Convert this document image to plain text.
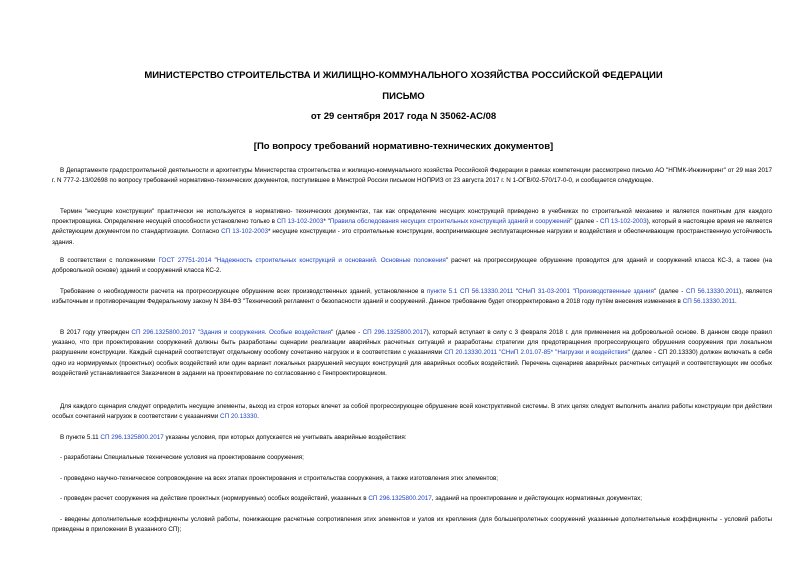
МИНИСТЕРСТВО СТРОИТЕЛЬСТВА И ЖИЛИЩНО-КОММУНАЛЬНОГО ХОЗЯЙСТВА РОССИЙСКОЙ ФЕДЕРАЦИИ
ПИСЬМО
от 29 сентября 2017 года N 35062-АС/08
[По вопросу требований нормативно-технических документов]
В Департаменте градостроительной деятельности и архитектуры Министерства строительства и жилищно-коммунального хозяйства Российской Федерации в рамках компетенции рассмотрено письмо АО "НПМК-Инжиниринг" от 29 мая 2017 г. N 777-2-13/02698 по вопросу требований нормативно-технических документов, поступившее в Минстрой России письмом НОПРИЗ от 23 августа 2017 г. N 1-ОГВ/02-570/17-0-0, и сообщается следующее.
Термин "несущие конструкции" практически не используется в нормативно- технических документах, так как определение несущих конструкций приведено в учебниках по строительной механике и является понятным для каждого проектировщика. Определение несущей способности установлено только в СП 13-102-2003* "Правила обследования несущих строительных конструкций зданий и сооружений" (далее - СП 13-102-2003), который в настоящее время не является действующим документом по стандартизации. Согласно СП 13-102-2003* несущие конструкции - это строительные конструкции, воспринимающие эксплуатационные нагрузки и воздействия и обеспечивающие пространственную устойчивость здания.
В соответствии с положениями ГОСТ 27751-2014 "Надежность строительных конструкций и оснований. Основные положения" расчет на прогрессирующее обрушение проводится для зданий и сооружений класса КС-3, а также (на добровольной основе) зданий и сооружений класса КС-2.
Требование о необходимости расчета на прогрессирующее обрушение всех производственных зданий, установленное в пункте 5.1 СП 56.13330.2011 "СНиП 31-03-2001 "Производственные здания" (далее - СП 56.13330.2011), является избыточным и противоречащим Федеральному закону N 384-ФЗ "Технический регламент о безопасности зданий и сооружений. Данное требование будет откорректировано в 2018 году путём внесения изменения в СП 56.13330.2011.
В 2017 году утвержден СП 296.1325800.2017 "Здания и сооружения. Особые воздействия" (далее - СП 296.1325800.2017), который вступает в силу с 3 февраля 2018 г. для применения на добровольной основе. В данном своде правил указано, что при проектировании сооружений должны быть разработаны сценарии реализации аварийных расчетных ситуаций и разработаны стратегии для предотвращения прогрессирующего обрушения сооружения при локальном разрушении конструкции. Каждый сценарий соответствует отдельному особому сочетанию нагрузок и в соответствии с указаниями СП 20.13330.2011 "СНиП 2.01.07-85* "Нагрузки и воздействия" (далее - СП 20.13330) должен включать в себя одно из нормируемых (проектных) особых воздействий или один вариант локальных разрушений несущих конструкций для аварийных особых воздействий. Перечень сценариев аварийных расчетных ситуаций и соответствующих им особых воздействий устанавливается Заказчиком в задании на проектирование по согласованию с Генпроектировщиком.
Для каждого сценария следует определить несущие элементы, выход из строя которых влечет за собой прогрессирующее обрушение всей конструктивной системы. В этих целях следует выполнить анализ работы конструкции при действии особых сочетаний нагрузок в соответствии с указаниями СП 20.13330.
В пункте 5.11 СП 296.1325800.2017 указаны условия, при которых допускается не учитывать аварийные воздействия:
- разработаны Специальные технические условия на проектирование сооружения;
- проведено научно-техническое сопровождение на всех этапах проектирования и строительства сооружения, а также изготовления этих элементов;
- проведен расчет сооружения на действие проектных (нормируемых) особых воздействий, указанных в СП 296.1325800.2017, заданий на проектирование и действующих нормативных документах;
- введены дополнительные коэффициенты условий работы, понижающие расчетные сопротивления этих элементов и узлов их крепления (для большепролетных сооружений указанные дополнительные коэффициенты - условий работы приведены в приложении В указанного СП);
